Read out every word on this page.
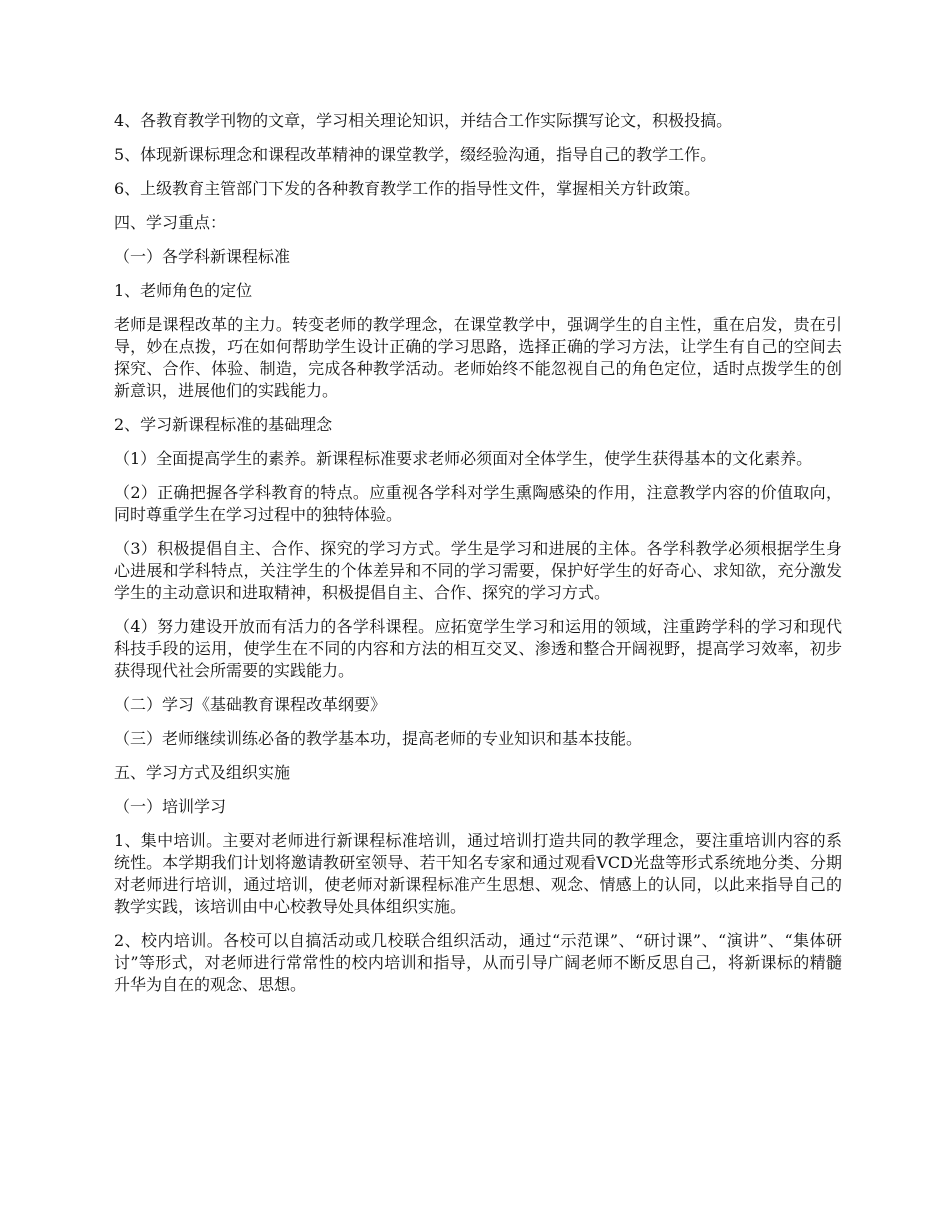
4、各教育教学刊物的文章，学习相关理论知识，并结合工作实际撰写论文，积极投搞。

5、体现新课标理念和课程改革精神的课堂教学，缀经验沟通，指导自己的教学工作。

6、上级教育主管部门下发的各种教育教学工作的指导性文件，掌握相关方针政策。

四、学习重点：

（一）各学科新课程标准

1、老师角色的定位

老师是课程改革的主力。转变老师的教学理念，在课堂教学中，强调学生的自主性，重在启发，贵在引导，妙在点拨，巧在如何帮助学生设计正确的学习思路，选择正确的学习方法，让学生有自己的空间去探究、合作、体验、制造，完成各种教学活动。老师始终不能忽视自己的角色定位，适时点拨学生的创新意识，进展他们的实践能力。

2、学习新课程标准的基础理念

（1）全面提高学生的素养。新课程标准要求老师必须面对全体学生，使学生获得基本的文化素养。

（2）正确把握各学科教育的特点。应重视各学科对学生熏陶感染的作用，注意教学内容的价值取向，同时尊重学生在学习过程中的独特体验。

（3）积极提倡自主、合作、探究的学习方式。学生是学习和进展的主体。各学科教学必须根据学生身心进展和学科特点，关注学生的个体差异和不同的学习需要，保护好学生的好奇心、求知欲，充分激发学生的主动意识和进取精神，积极提倡自主、合作、探究的学习方式。

（4）努力建设开放而有活力的各学科课程。应拓宽学生学习和运用的领域，注重跨学科的学习和现代科技手段的运用，使学生在不同的内容和方法的相互交叉、渗透和整合开阔视野，提高学习效率，初步获得现代社会所需要的实践能力。

（二）学习《基础教育课程改革纲要》

（三）老师继续训练必备的教学基本功，提高老师的专业知识和基本技能。

五、学习方式及组织实施

（一）培训学习

1、集中培训。主要对老师进行新课程标准培训，通过培训打造共同的教学理念，要注重培训内容的系统性。本学期我们计划将邀请教研室领导、若干知名专家和通过观看VCD光盘等形式系统地分类、分期对老师进行培训，通过培训，使老师对新课程标准产生思想、观念、情感上的认同，以此来指导自己的教学实践，该培训由中心校教导处具体组织实施。

2、校内培训。各校可以自搞活动或几校联合组织活动，通过“示范课”、“研讨课”、“演讲”、“集体研讨”等形式，对老师进行常常性的校内培训和指导，从而引导广阔老师不断反思自己，将新课标的精髓升华为自在的观念、思想。
